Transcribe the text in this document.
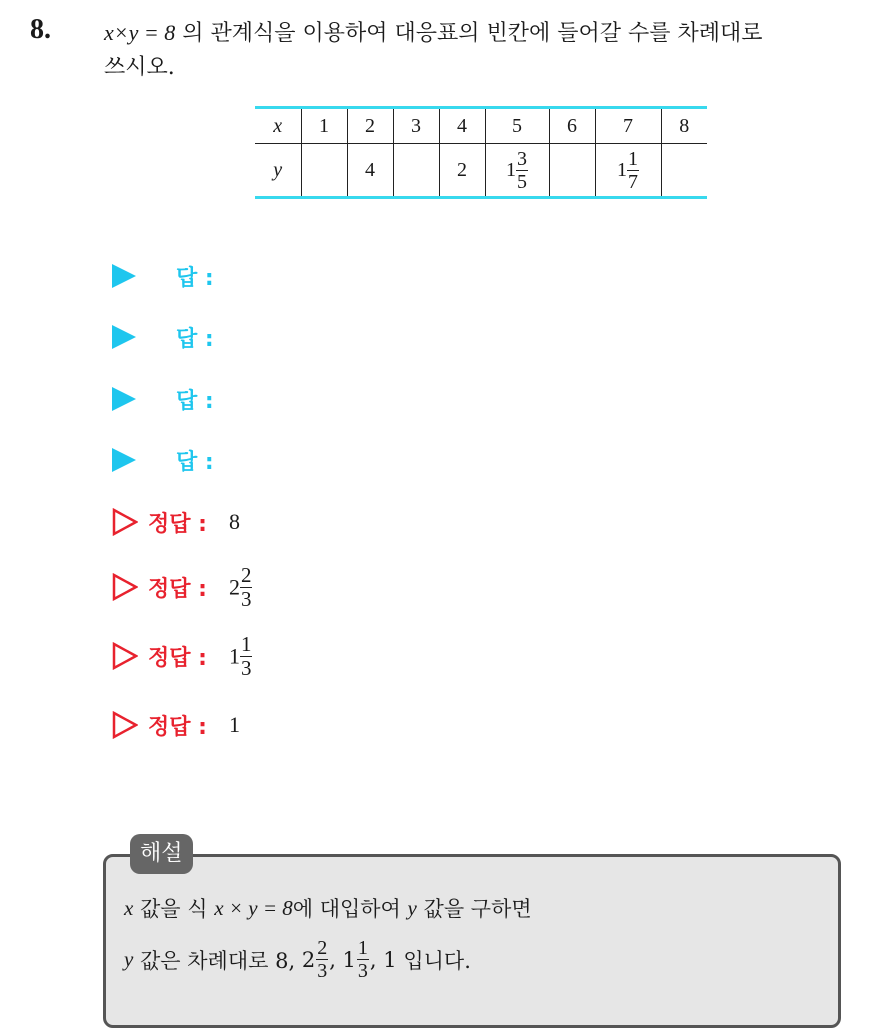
8. x×y = 8 의 관계식을 이용하여 대응표의 빈칸에 들어갈 수를 차례대로
쓰시오.
x	1	2	3	4	5	6	7	8
y		4		2	$1 \frac{3}{5}$		$1 \frac{1}{7}$

답 :
답 :
답 :
답 :
정답 : 8
정답 : $2 \frac{2}{3}$
정답 : $1 \frac{1}{3}$
정답 : 1
해설
x
값을 식
x × y = 8 에 대입하여
y
값을 구하면
y
값은 차례대로 8,
$2 \frac{2}{3}$ , $1 \frac{1}{3}$ , 1
입니다.
